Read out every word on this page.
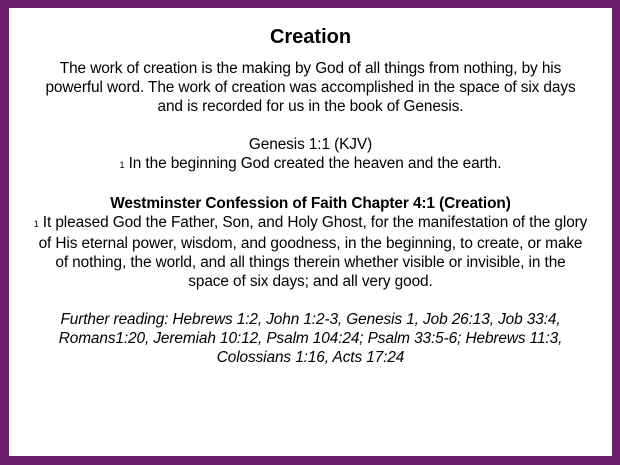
Creation

The work of creation is the making by God of all things from nothing, by his

powerful word. The work of creation was accomplished in the space of six days

and is recorded for us in the book of Genesis.

Genesis 1:1 (KJV)

1 In the beginning God created the heaven and the earth.

Westminster Confession of Faith Chapter 4:1 (Creation)

1 It pleased God the Father, Son, and Holy Ghost, for the manifestation of the glory

of His eternal power, wisdom, and goodness, in the beginning, to create, or make

of nothing, the world, and all things therein whether visible or invisible, in the

space of six days; and all very good.

Further reading: Hebrews 1:2, John 1:2-3, Genesis 1, Job 26:13, Job 33:4,

Romans1:20, Jeremiah 10:12, Psalm 104:24; Psalm 33:5-6; Hebrews 11:3,

Colossians 1:16, Acts 17:24
